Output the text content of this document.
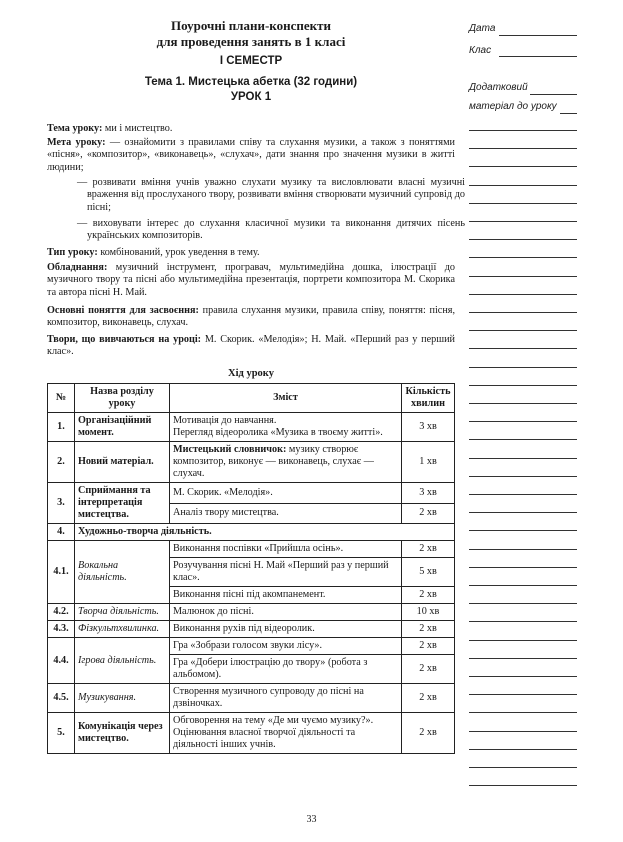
Поурочні плани-конспекти
для проведення занять в 1 класі
І СЕМЕСТР
Тема 1. Мистецька абетка (32 години)
УРОК 1
Тема уроку: ми і мистецтво.
Мета уроку: — ознайомити з правилами співу та слухання музики, а також з поняттями «пісня», «композитор», «виконавець», «слухач», дати знання про значення музики в житті людини;
— розвивати вміння учнів уважно слухати музику та висловлювати власні музичні враження від прослуханого твору, розвивати вміння створювати музичний супровід до пісні;
— виховувати інтерес до слухання класичної музики та виконання дитячих пісень українських композиторів.
Тип уроку: комбінований, урок уведення в тему.
Обладнання: музичний інструмент, програвач, мультимедійна дошка, ілюстрації до музичного твору та пісні або мультимедійна презентація, портрети композитора М. Скорика та автора пісні Н. Май.
Основні поняття для засвоєння: правила слухання музики, правила співу, поняття: пісня, композитор, виконавець, слухач.
Твори, що вивчаються на уроці: М. Скорик. «Мелодія»; Н. Май. «Перший раз у перший клас».
Хід уроку
№	Назва розділу уроку	Зміст	Кількість хвилин
1.	Організаційний момент.	Мотивація до навчання.
Перегляд відеоролика «Музика в твоєму житті».	3 хв
2.	Новий матеріал.	Мистецький словничок: музику створює композитор, виконує — виконавець, слухає — слухач.	1 хв
3.	Сприймання та інтерпретація мистецтва.	М. Скорик. «Мелодія».	3 хв
		Аналіз твору мистецтва.	2 хв
4.	Художньо-творча діяльність.		
4.1.	Вокальна діяльність.	Виконання поспівки «Прийшла осінь».	2 хв
		Розучування пісні Н. Май «Перший раз у перший клас».	5 хв
		Виконання пісні під акомпанемент.	2 хв
4.2.	Творча діяльність.	Малюнок до пісні.	10 хв
4.3.	Фізкультхвилинка.	Виконання рухів під відеоролик.	2 хв
4.4.	Ігрова діяльність.	Гра «Зобрази голосом звуки лісу».	2 хв
		Гра «Добери ілюстрацію до твору» (робота з альбомом).	2 хв
4.5.	Музикування.	Створення музичного супроводу до пісні на дзвіночках.	2 хв
5.	Комунікація через мистецтво.	Обговорення на тему «Де ми чуємо музику?».
Оцінювання власної творчої діяльності та діяльності інших учнів.	2 хв
Дата
Клас
Додатковий
матеріал до уроку
33
